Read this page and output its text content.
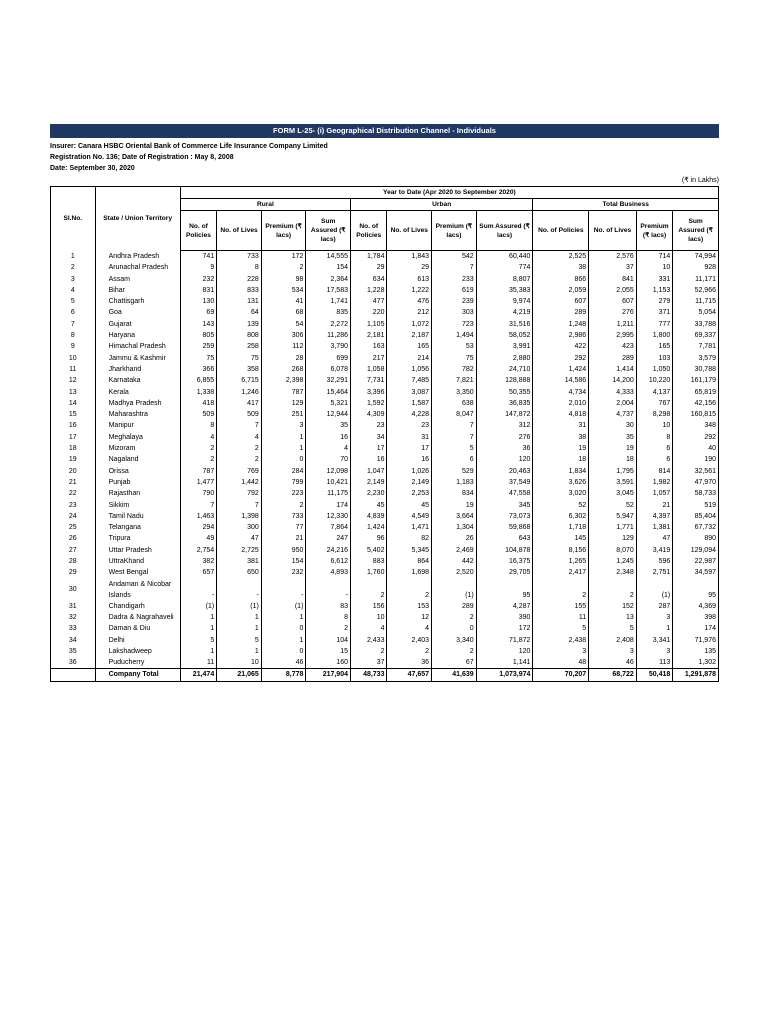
FORM L-25- (i) Geographical Distribution Channel - Individuals
Insurer: Canara HSBC Oriental Bank of Commerce Life Insurance Company Limited
Registration No. 136; Date of Registration : May 8, 2008
Date: September 30, 2020
(₹ in Lakhs)
Sl.No.	State / Union Territory	Year to Date (Apr 2020 to September 2020)											
		Rural				Urban				Total Business			
		No. of Policies	No. of Lives	Premium (₹ lacs)	Sum Assured (₹ lacs)	No. of Policies	No. of Lives	Premium (₹ lacs)	Sum Assured (₹ lacs)	No. of Policies	No. of Lives	Premium (₹ lacs)	Sum Assured (₹ lacs)
1	Andhra Pradesh	741	733	172	14,555	1,784	1,843	542	60,440	2,525	2,576	714	74,994
2	Arunachal Pradesh	9	8	2	154	29	29	7	774	38	37	10	928
3	Assam	232	228	98	2,364	634	613	233	8,807	866	841	331	11,171
4	Bihar	831	833	534	17,583	1,228	1,222	619	35,383	2,059	2,055	1,153	52,966
5	Chattisgarh	130	131	41	1,741	477	476	239	9,974	607	607	279	11,715
6	Goa	69	64	68	835	220	212	303	4,219	289	276	371	5,054
7	Gujarat	143	139	54	2,272	1,105	1,072	723	31,516	1,248	1,211	777	33,788
8	Haryana	805	808	306	11,286	2,181	2,187	1,494	58,052	2,986	2,995	1,800	69,337
9	Himachal Pradesh	259	258	112	3,790	163	165	53	3,991	422	423	165	7,781
10	Jammu & Kashmir	75	75	28	699	217	214	75	2,880	292	289	103	3,579
11	Jharkhand	366	358	268	6,078	1,058	1,056	782	24,710	1,424	1,414	1,050	30,788
12	Karnataka	6,855	6,715	2,398	32,291	7,731	7,485	7,821	128,888	14,586	14,200	10,220	161,179
13	Kerala	1,338	1,246	787	15,464	3,396	3,087	3,350	50,355	4,734	4,333	4,137	65,819
14	Madhya Pradesh	418	417	129	5,321	1,592	1,587	638	36,835	2,010	2,004	767	42,156
15	Maharashtra	509	509	251	12,944	4,309	4,228	8,047	147,872	4,818	4,737	8,298	160,815
16	Manipur	8	7	3	35	23	23	7	312	31	30	10	348
17	Meghalaya	4	4	1	16	34	31	7	276	38	35	8	292
18	Mizoram	2	2	1	4	17	17	5	36	19	19	6	40
19	Nagaland	2	2	0	70	16	16	6	120	18	18	6	190
20	Orissa	787	769	284	12,098	1,047	1,026	529	20,463	1,834	1,795	814	32,561
21	Punjab	1,477	1,442	799	10,421	2,149	2,149	1,183	37,549	3,626	3,591	1,982	47,970
22	Rajasthan	790	792	223	11,175	2,230	2,253	834	47,558	3,020	3,045	1,057	58,733
23	Sikkim	7	7	2	174	45	45	19	345	52	52	21	519
24	Tamil Nadu	1,463	1,398	733	12,330	4,839	4,549	3,664	73,073	6,302	5,947	4,397	85,404
25	Telangana	294	300	77	7,864	1,424	1,471	1,304	59,868	1,718	1,771	1,381	67,732
26	Tripura	49	47	21	247	96	82	26	643	145	129	47	890
27	Uttar Pradesh	2,754	2,725	950	24,216	5,402	5,345	2,469	104,878	8,156	8,070	3,419	129,094
28	UttraKhand	382	381	154	6,612	883	864	442	16,375	1,265	1,245	596	22,987
29	West Bengal	657	650	232	4,893	1,760	1,698	2,520	29,705	2,417	2,348	2,751	34,597
30	Andaman & Nicobar Islands	-	-	-	-	2	2	(1)	95	2	2	(1)	95
31	Chandigarh	(1)	(1)	(1)	83	156	153	289	4,287	155	152	287	4,369
32	Dadra & Nagrahaveli	1	1	1	8	10	12	2	390	11	13	3	398
33	Daman & Diu	1	1	0	2	4	4	0	172	5	5	1	174
34	Delhi	5	5	1	104	2,433	2,403	3,340	71,872	2,438	2,408	3,341	71,976
35	Lakshadweep	1	1	0	15	2	2	2	120	3	3	3	135
36	Puducherry	11	10	46	160	37	36	67	1,141	48	46	113	1,302
	Company Total	21,474	21,065	8,778	217,904	48,733	47,657	41,639	1,073,974	70,207	68,722	50,418	1,291,878
